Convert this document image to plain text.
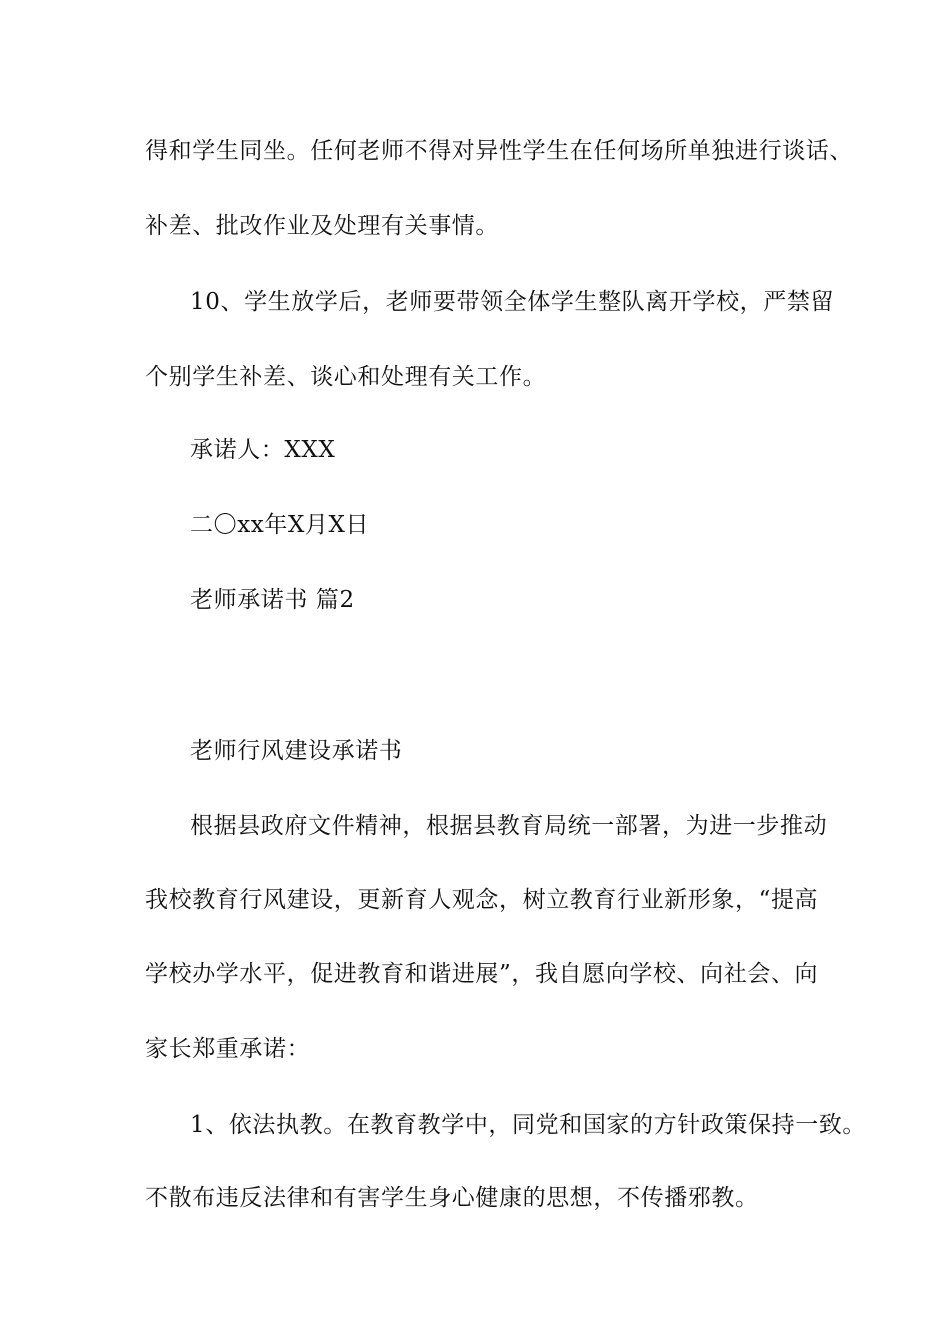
得和学生同坐。任何老师不得对异性学生在任何场所单独进行谈话、
补差、批改作业及处理有关事情。
10、学生放学后，老师要带领全体学生整队离开学校，严禁留
个别学生补差、谈心和处理有关工作。
承诺人：XXX
二〇xx年X月X日
老师承诺书 篇2
老师行风建设承诺书
根据县政府文件精神，根据县教育局统一部署，为进一步推动
我校教育行风建设，更新育人观念，树立教育行业新形象，“提高
学校办学水平，促进教育和谐进展”，我自愿向学校、向社会、向
家长郑重承诺：
1、依法执教。在教育教学中，同党和国家的方针政策保持一致。
不散布违反法律和有害学生身心健康的思想，不传播邪教。
